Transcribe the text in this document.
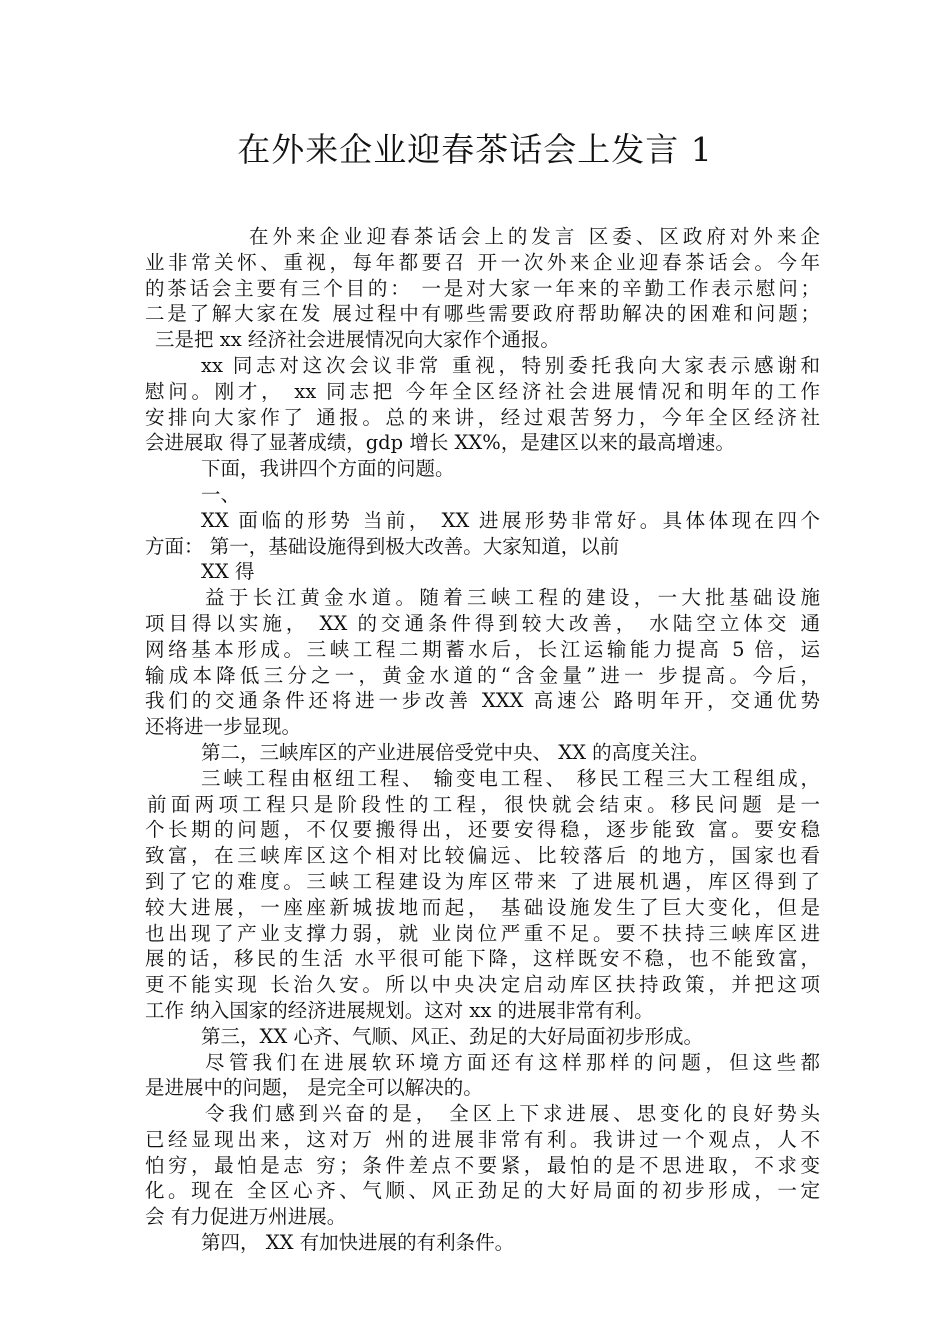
在外来企业迎春茶话会上发言 1
在外来企业迎春茶话会上的发言 区委、区政府对外来企
业非常关怀、重视，每年都要召 开一次外来企业迎春茶话会。今年
的茶话会主要有三个目的： 一是对大家一年来的辛勤工作表示慰问；
二是了解大家在发 展过程中有哪些需要政府帮助解决的困难和问题；
三是把 xx 经济社会进展情况向大家作个通报。
xx 同志对这次会议非常 重视，特别委托我向大家表示感谢和
慰问。刚才， xx 同志把 今年全区经济社会进展情况和明年的工作
安排向大家作了 通报。总的来讲，经过艰苦努力，今年全区经济社
会进展取 得了显著成绩，gdp 增长 XX%，是建区以来的最高增速。
下面，我讲四个方面的问题。
一、
XX 面临的形势 当前， XX 进展形势非常好。具体体现在四个
方面： 第一，基础设施得到极大改善。大家知道，以前
XX 得
益于长江黄金水道。随着三峡工程的建设，一大批基础设施
项目得以实施， XX 的交通条件得到较大改善， 水陆空立体交 通
网络基本形成。三峡工程二期蓄水后，长江运输能力提高 5 倍，运
输成本降低三分之一，黄金水道的“含金量”进一 步提高。今后，
我们的交通条件还将进一步改善 XXX 高速公 路明年开，交通优势
还将进一步显现。
第二，三峡库区的产业进展倍受党中央、 XX 的高度关注。
三峡工程由枢纽工程、 输变电工程、 移民工程三大工程组成，
前面两项工程只是阶段性的工程，很快就会结束。移民问题 是一
个长期的问题，不仅要搬得出，还要安得稳，逐步能致 富。要安稳
致富，在三峡库区这个相对比较偏远、比较落后 的地方，国家也看
到了它的难度。三峡工程建设为库区带来 了进展机遇，库区得到了
较大进展，一座座新城拔地而起， 基础设施发生了巨大变化，但是
也出现了产业支撑力弱，就 业岗位严重不足。要不扶持三峡库区进
展的话，移民的生活 水平很可能下降，这样既安不稳，也不能致富，
更不能实现 长治久安。所以中央决定启动库区扶持政策，并把这项
工作 纳入国家的经济进展规划。这对 xx 的进展非常有利。
第三，XX 心齐、气顺、风正、劲足的大好局面初步形成。
尽管我们在进展软环境方面还有这样那样的问题，但这些都
是进展中的问题， 是完全可以解决的。
令我们感到兴奋的是， 全区上下求进展、思变化的良好势头
已经显现出来，这对万 州的进展非常有利。我讲过一个观点，人不
怕穷，最怕是志 穷；条件差点不要紧，最怕的是不思进取，不求变
化。现在 全区心齐、气顺、风正劲足的大好局面的初步形成，一定
会 有力促进万州进展。
第四， XX 有加快进展的有利条件。
